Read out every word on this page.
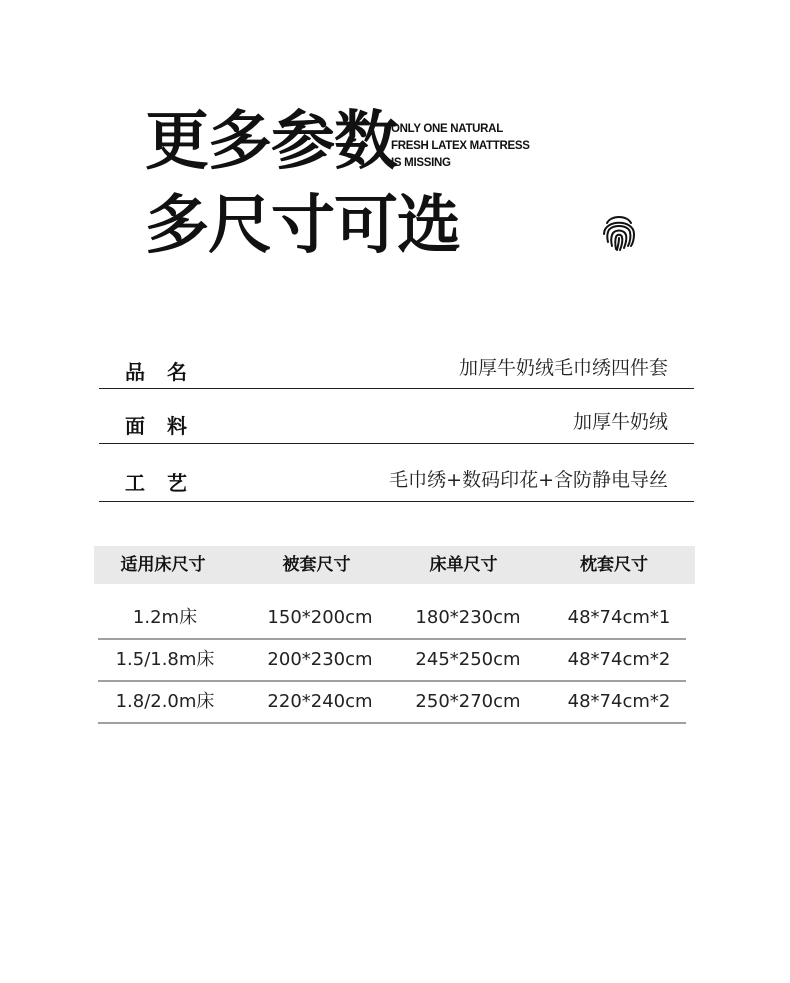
更多参数
多尺寸可选
ONLY ONE NATURAL
FRESH LATEX MATTRESS
IS MISSING
品名	加厚牛奶绒毛巾绣四件套
面料	加厚牛奶绒
工艺	毛巾绣+数码印花+含防静电导丝
适用床尺寸	被套尺寸	床单尺寸	枕套尺寸
1.2m床	150*200cm	180*230cm	48*74cm*1
1.5/1.8m床	200*230cm	245*250cm	48*74cm*2
1.8/2.0m床	220*240cm	250*270cm	48*74cm*2
